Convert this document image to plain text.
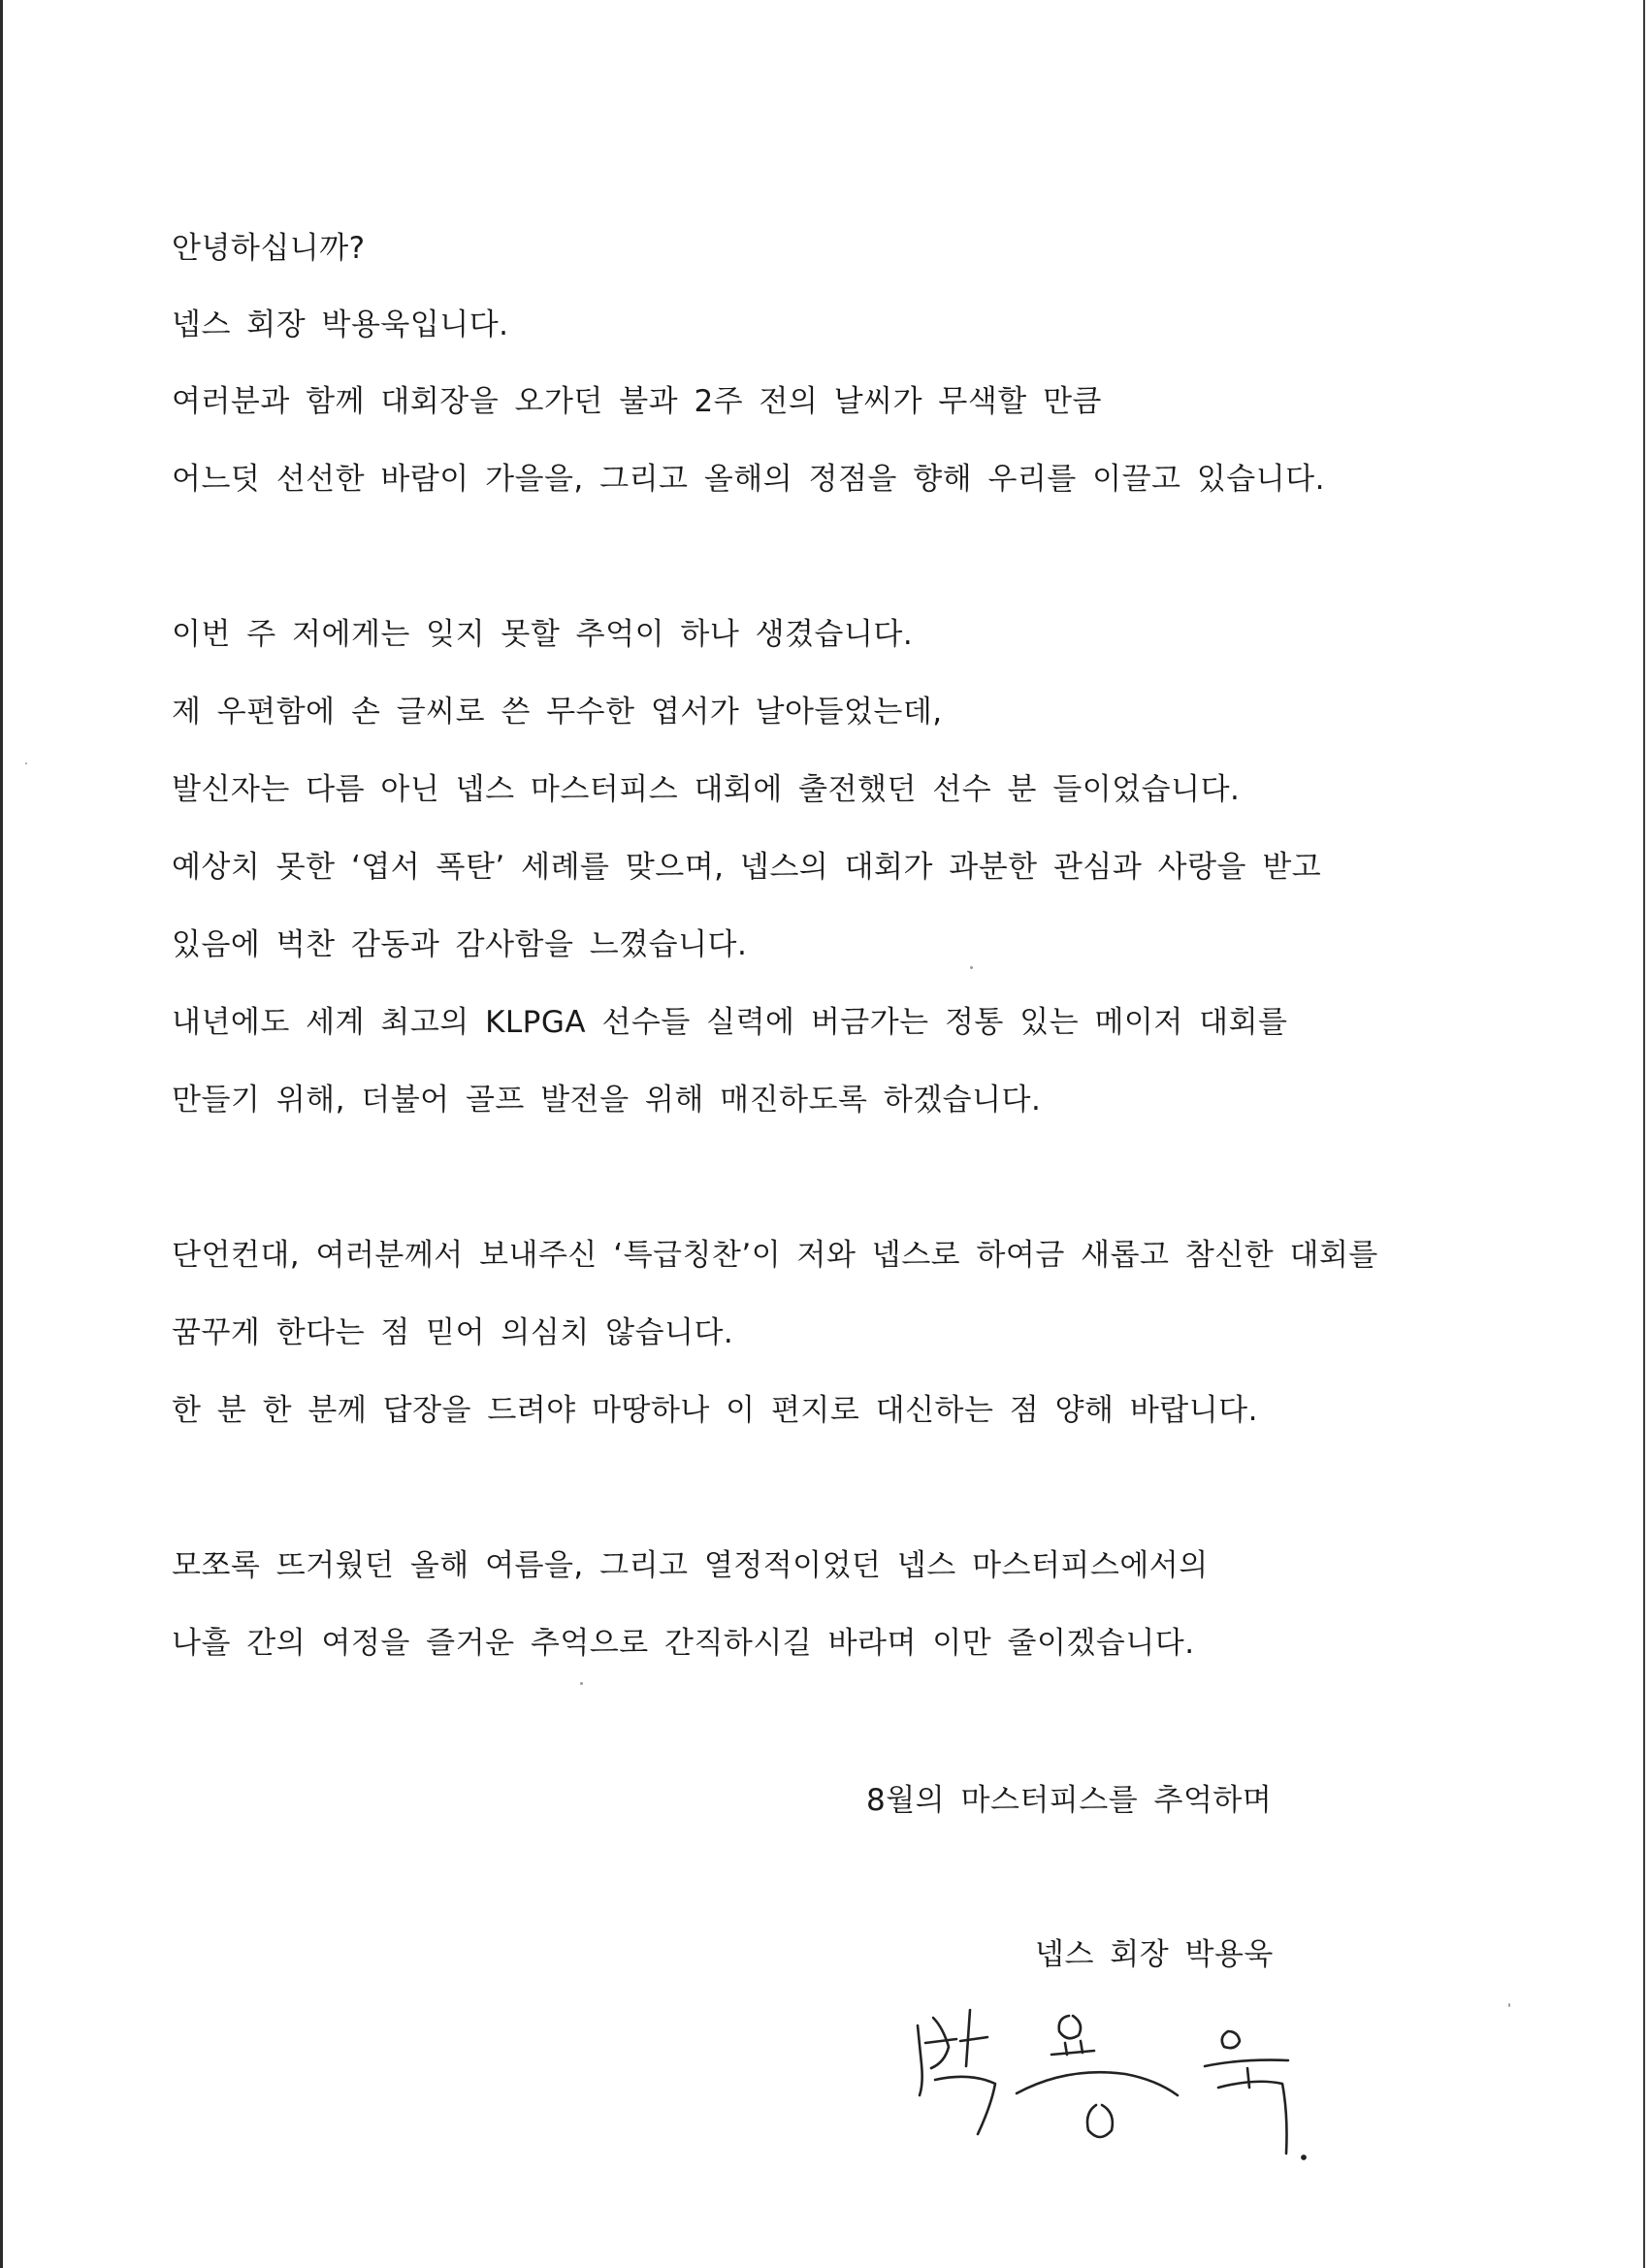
안녕하십니까?
넵스 회장 박용욱입니다.
여러분과 함께 대회장을 오가던 불과 2주 전의 날씨가 무색할 만큼
어느덧 선선한 바람이 가을을, 그리고 올해의 정점을 향해 우리를 이끌고 있습니다.
이번 주 저에게는 잊지 못할 추억이 하나 생겼습니다.
제 우편함에 손 글씨로 쓴 무수한 엽서가 날아들었는데,
발신자는 다름 아닌 넵스 마스터피스 대회에 출전했던 선수 분 들이었습니다.
예상치 못한 ‘엽서 폭탄’ 세례를 맞으며, 넵스의 대회가 과분한 관심과 사랑을 받고
있음에 벅찬 감동과 감사함을 느꼈습니다.
내년에도 세계 최고의 KLPGA 선수들 실력에 버금가는 정통 있는 메이저 대회를
만들기 위해, 더불어 골프 발전을 위해 매진하도록 하겠습니다.
단언컨대, 여러분께서 보내주신 ‘특급칭찬’이 저와 넵스로 하여금 새롭고 참신한 대회를
꿈꾸게 한다는 점 믿어 의심치 않습니다.
한 분 한 분께 답장을 드려야 마땅하나 이 편지로 대신하는 점 양해 바랍니다.
모쪼록 뜨거웠던 올해 여름을, 그리고 열정적이었던 넵스 마스터피스에서의
나흘 간의 여정을 즐거운 추억으로 간직하시길 바라며 이만 줄이겠습니다.
8월의 마스터피스를 추억하며
넵스 회장 박용욱
